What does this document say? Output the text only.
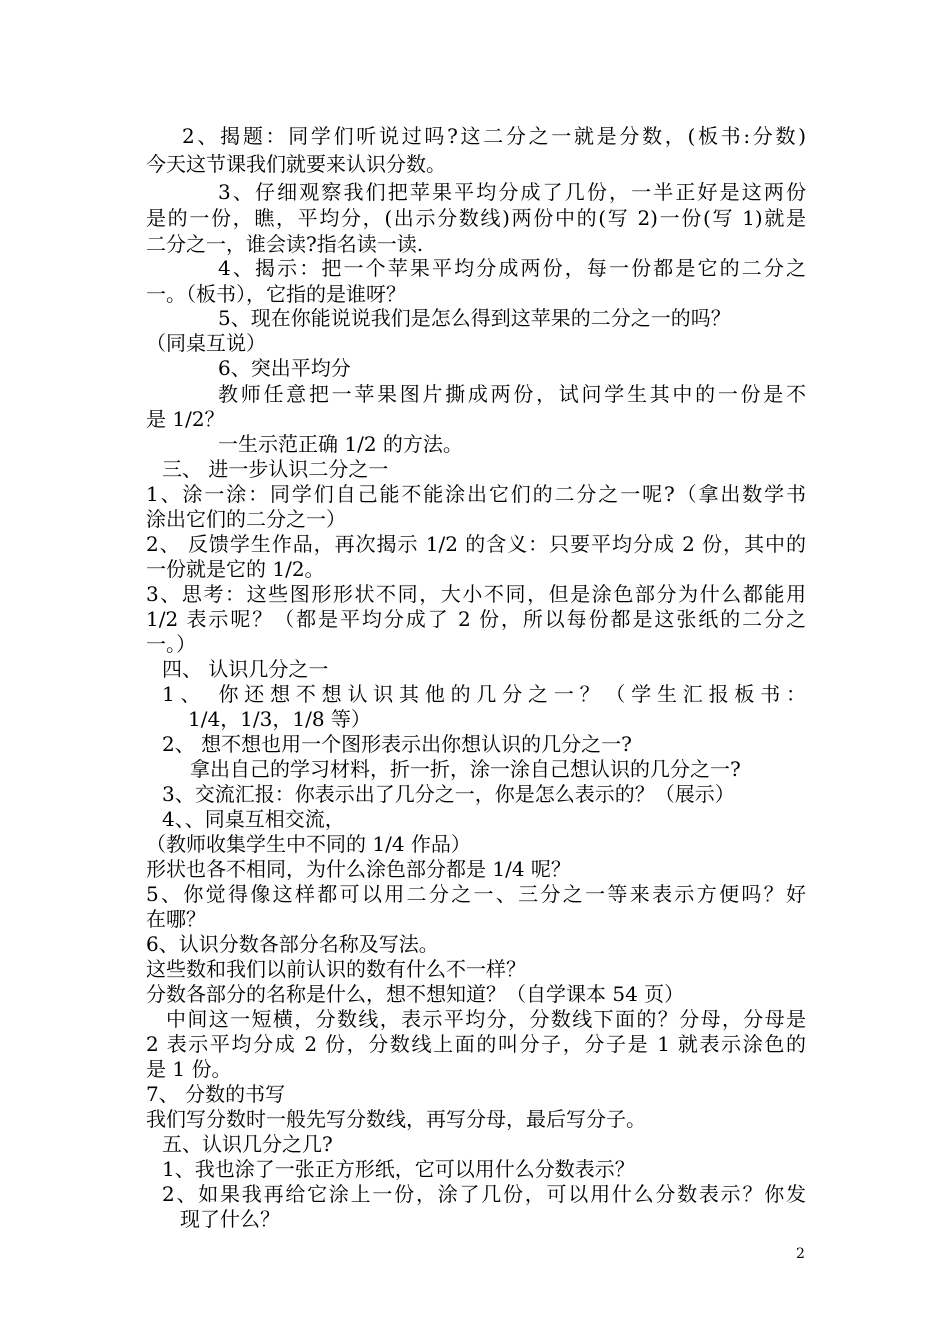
2、揭题：同学们听说过吗?这二分之一就是分数，(板书:分数)
今天这节课我们就要来认识分数。
3、仔细观察我们把苹果平均分成了几份，一半正好是这两份
是的一份，瞧，平均分，(出示分数线)两份中的(写 2)一份(写 1)就是
二分之一，谁会读?指名读一读.
4、揭示：把一个苹果平均分成两份，每一份都是它的二分之
一。（板书），它指的是谁呀？
5、现在你能说说我们是怎么得到这苹果的二分之一的吗？
（同桌互说）
6、突出平均分
教师任意把一苹果图片撕成两份，试问学生其中的一份是不
是 1/2？
一生示范正确 1/2 的方法。
三、 进一步认识二分之一
1、涂一涂：同学们自己能不能涂出它们的二分之一呢?（拿出数学书
涂出它们的二分之一）
2、 反馈学生作品，再次揭示 1/2 的含义：只要平均分成 2 份，其中的
一份就是它的 1/2。
3、思考：这些图形形状不同，大小不同，但是涂色部分为什么都能用
1/2 表示呢？（都是平均分成了 2 份，所以每份都是这张纸的二分之
一。）
四、 认识几分之一
1、 你还想不想认识其他的几分之一？（学生汇报板书：
1/4，1/3，1/8 等）
2、 想不想也用一个图形表示出你想认识的几分之一?
拿出自己的学习材料，折一折，涂一涂自己想认识的几分之一?
3、交流汇报：你表示出了几分之一，你是怎么表示的？（展示）
4、、同桌互相交流，
（教师收集学生中不同的 1/4 作品）
形状也各不相同，为什么涂色部分都是 1/4 呢？
5、你觉得像这样都可以用二分之一、三分之一等来表示方便吗？好
在哪？
6、认识分数各部分名称及写法。
这些数和我们以前认识的数有什么不一样？
分数各部分的名称是什么，想不想知道？（自学课本 54 页）
中间这一短横，分数线，表示平均分，分数线下面的？分母，分母是
2 表示平均分成 2 份，分数线上面的叫分子，分子是 1 就表示涂色的
是 1 份。
7、 分数的书写
我们写分数时一般先写分数线，再写分母，最后写分子。
五、认识几分之几?
1、我也涂了一张正方形纸，它可以用什么分数表示？
2、如果我再给它涂上一份，涂了几份，可以用什么分数表示？你发
现了什么？
2
